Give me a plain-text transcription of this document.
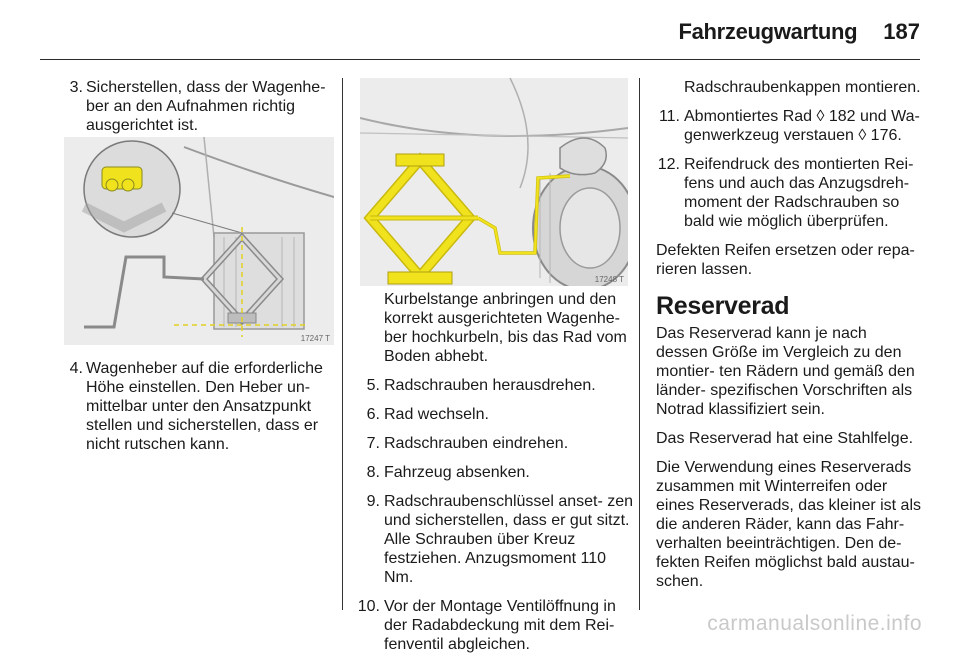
Fahrzeugwartung 187
3. Sicherstellen, dass der Wagenhe- ber an den Aufnahmen richtig ausgerichtet ist.
17247 T
4. Wagenheber auf die erforderliche Höhe einstellen. Den Heber un- mittelbar unter den Ansatzpunkt stellen und sicherstellen, dass er nicht rutschen kann.
17248 T
Kurbelstange anbringen und den korrekt ausgerichteten Wagenhe- ber hochkurbeln, bis das Rad vom Boden abhebt.
5. Radschrauben herausdrehen.
6. Rad wechseln.
7. Radschrauben eindrehen.
8. Fahrzeug absenken.
9. Radschraubenschlüssel anset- zen und sicherstellen, dass er gut sitzt. Alle Schrauben über Kreuz festziehen. Anzugsmoment 110 Nm.
10. Vor der Montage Ventilöffnung in der Radabdeckung mit dem Rei- fenventil abgleichen.
Radschraubenkappen montieren.
11. Abmontiertes Rad ◊ 182 und Wa- genwerkzeug verstauen ◊ 176.
12. Reifendruck des montierten Rei- fens und auch das Anzugsdreh- moment der Radschrauben so bald wie möglich überprüfen.

Defekten Reifen ersetzen oder repa- rieren lassen.

Reserverad

Das Reserverad kann je nach dessen Größe im Vergleich zu den montier- ten Rädern und gemäß den länder- spezifischen Vorschriften als Notrad klassifiziert sein.

Das Reserverad hat eine Stahlfelge.

Die Verwendung eines Reserverads zusammen mit Winterreifen oder eines Reserverads, das kleiner ist als die anderen Räder, kann das Fahr- verhalten beeinträchtigen. Den de- fekten Reifen möglichst bald austau- schen.

carmanualsonline.info
